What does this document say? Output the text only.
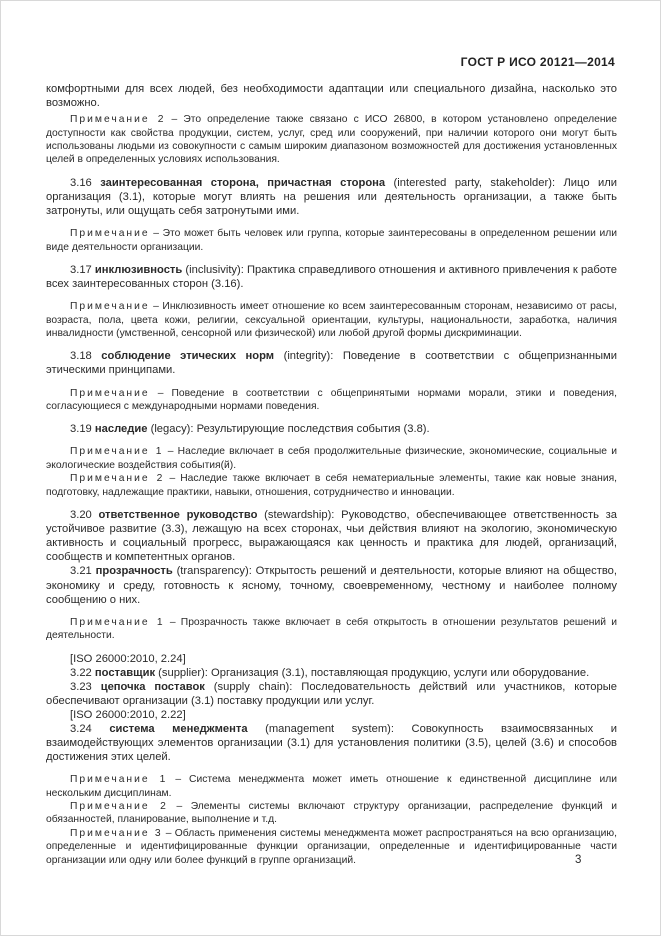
ГОСТ Р ИСО 20121—2014

комфортными для всех людей, без необходимости адаптации или специального дизайна, насколько это возможно.

Примечание 2 – Это определение также связано с ИСО 26800, в котором установлено определение доступности как свойства продукции, систем, услуг, сред или сооружений, при наличии которого они могут быть использованы людьми из совокупности с самым широким диапазоном возможностей для достижения установленных целей в определенных условиях использования.

3.16 заинтересованная сторона, причастная сторона (interested party, stakeholder): Лицо или организация (3.1), которые могут влиять на решения или деятельность организации, а также быть затронуты, или ощущать себя затронутыми ими.

Примечание – Это может быть человек или группа, которые заинтересованы в определенном решении или виде деятельности организации.

3.17 инклюзивность (inclusivity): Практика справедливого отношения и активного привлечения к работе всех заинтересованных сторон (3.16).

Примечание – Инклюзивность имеет отношение ко всем заинтересованным сторонам, независимо от расы, возраста, пола, цвета кожи, религии, сексуальной ориентации, культуры, национальности, заработка, наличия инвалидности (умственной, сенсорной или физической) или любой другой формы дискриминации.

3.18 соблюдение этических норм (integrity): Поведение в соответствии с общепризнанными этическими принципами.

Примечание – Поведение в соответствии с общепринятыми нормами морали, этики и поведения, согласующиеся с международными нормами поведения.

3.19 наследие (legacy): Результирующие последствия события (3.8).

Примечание 1 – Наследие включает в себя продолжительные физические, экономические, социальные и экологические воздействия события(й).

Примечание 2 – Наследие также включает в себя нематериальные элементы, такие как новые знания, подготовку, надлежащие практики, навыки, отношения, сотрудничество и инновации.

3.20 ответственное руководство (stewardship): Руководство, обеспечивающее ответственность за устойчивое развитие (3.3), лежащую на всех сторонах, чьи действия влияют на экологию, экономическую активность и социальный прогресс, выражающаяся как ценность и практика для людей, организаций, сообществ и компетентных органов.

3.21 прозрачность (transparency): Открытость решений и деятельности, которые влияют на общество, экономику и среду, готовность к ясному, точному, своевременному, честному и наиболее полному сообщению о них.

Примечание 1 – Прозрачность также включает в себя открытость в отношении результатов решений и деятельности.

[ISO 26000:2010, 2.24]

3.22 поставщик (supplier): Организация (3.1), поставляющая продукцию, услуги или оборудование.

3.23 цепочка поставок (supply chain): Последовательность действий или участников, которые обеспечивают организации (3.1) поставку продукции или услуг.

[ISO 26000:2010, 2.22]

3.24 система менеджмента (management system): Совокупность взаимосвязанных и взаимодействующих элементов организации (3.1) для установления политики (3.5), целей (3.6) и способов достижения этих целей.

Примечание 1 – Система менеджмента может иметь отношение к единственной дисциплине или нескольким дисциплинам.

Примечание 2 – Элементы системы включают структуру организации, распределение функций и обязанностей, планирование, выполнение и т.д.

Примечание 3 – Область применения системы менеджмента может распространяться на всю организацию, определенные и идентифицированные функции организации, определенные и идентифицированные части организации или одну или более функций в группе организаций.	3
